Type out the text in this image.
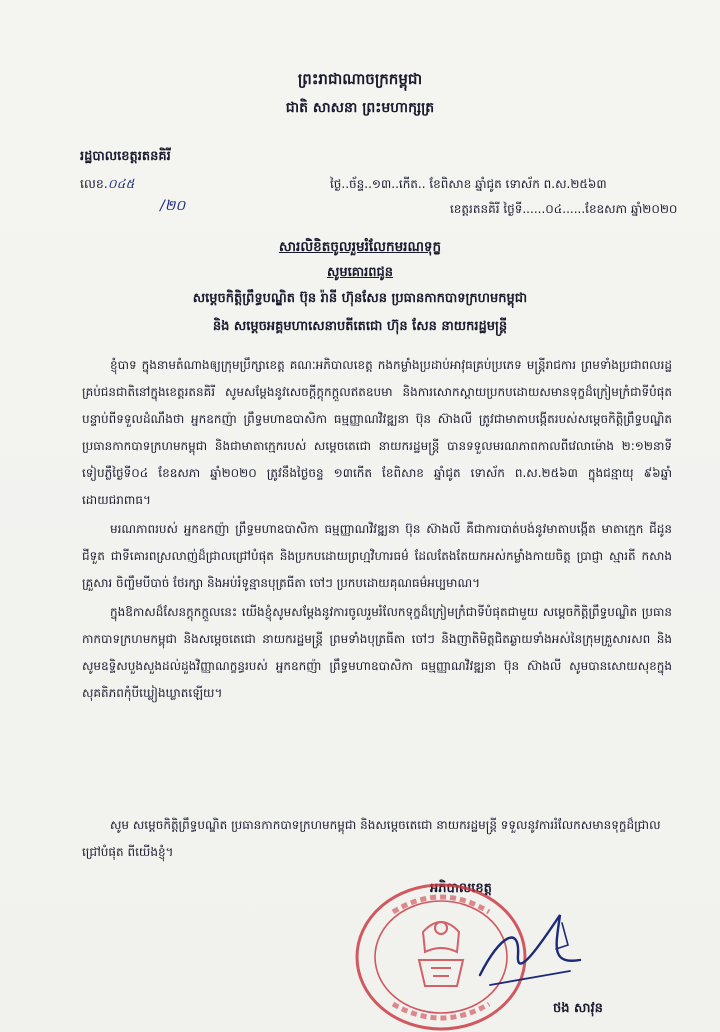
ព្រះរាជាណាចក្រកម្ពុជា
ជាតិ សាសនា ព្រះមហាក្សត្រ
រដ្ឋបាលខេត្តរតនគិរី
លេខ.០៤៥
/២០
ថ្ងៃ..ច័ន្ទ..១៣..កើត.. ខែពិសាខ ឆ្នាំជូត ទោស័ក ព.ស.២៥៦៣
ខេត្តរតនគិរី ថ្ងៃទី......០៤......ខែឧសភា ឆ្នាំ២០២០
សារលិខិតចូលរួមរំលែកមរណទុក្ខ
សូមគោរពជូន
សម្តេចកិត្តិព្រឹទ្ធបណ្ឌិត ប៊ុន រ៉ានី ហ៊ុនសែន ប្រធានកាកបាទក្រហមកម្ពុជា
និង សម្តេចអគ្គមហាសេនាបតីតេជោ ហ៊ុន សែន នាយករដ្ឋមន្ត្រី

ខ្ញុំបាទ ក្នុងនាមតំណាងឲ្យក្រុមប្រឹក្សាខេត្ត គណៈអភិបាលខេត្ត កងកម្លាំងប្រដាប់អាវុធគ្រប់ប្រភេទ មន្ត្រីរាជការ ព្រមទាំងប្រជាពលរដ្ឋគ្រប់ជនជាតិនៅក្នុងខេត្តរតនគិរី សូមសម្តែងនូវសេចក្តីក្តុកក្តួលឥតឧបមា និងការសោកស្តាយប្រកបដោយសមានទុក្ខដ៏ក្រៀមក្រំជាទីបំផុត បន្ទាប់ពីទទួលដំណឹងថា អ្នកឧកញ៉ា ព្រឹទ្ធមហាឧបាសិកា ធម្មញ្ញាណវិវឌ្ឍនា ប៊ុន ស៊ាងលី ត្រូវជាមាតាបង្កើតរបស់សម្តេចកិត្តិព្រឹទ្ធបណ្ឌិត ប្រធានកាកបាទក្រហមកម្ពុជា និងជាមាតាក្មេករបស់ សម្តេចតេជោ នាយករដ្ឋមន្ត្រី បានទទួលមរណភាពកាលពីវេលាម៉ោង ២:១២នាទី ទៀបភ្លឺថ្ងៃទី០៤ ខែឧសភា ឆ្នាំ២០២០ ត្រូវនឹងថ្ងៃចន្ទ ១៣កើត ខែពិសាខ ឆ្នាំជូត ទោស័ក ព.ស.២៥៦៣ ក្នុងជន្មាយុ ៩៦ឆ្នាំ ដោយជរាពាធ។

មរណភាពរបស់ អ្នកឧកញ៉ា ព្រឹទ្ធមហាឧបាសិកា ធម្មញ្ញាណវិវឌ្ឍនា ប៊ុន ស៊ាងលី គឺជាការបាត់បង់នូវមាតាបង្កើត មាតាក្មេក ជីដូន ជីទួត ជាទីគោរពស្រលាញ់ដ៏ជ្រាលជ្រៅបំផុត និងប្រកបដោយព្រហ្មវិហារធម៌ ដែលតែងតែយកអស់កម្លាំងកាយចិត្ត ប្រាជ្ញា ស្មារតី កសាងគ្រួសារ ចិញ្ចឹមបីបាច់ ថែរក្សា និងអប់រំទូន្មានបុត្រធីតា ចៅៗ ប្រកបដោយគុណធម៌អប្បមាណ។

ក្នុងឱកាសដ៏សែនក្តុកក្តួលនេះ យើងខ្ញុំសូមសម្តែងនូវការចូលរួមរំលែកទុក្ខដ៏ក្រៀមក្រំជាទីបំផុតជាមួយ សម្តេចកិត្តិព្រឹទ្ធបណ្ឌិត ប្រធានកាកបាទក្រហមកម្ពុជា និងសម្តេចតេជោ នាយករដ្ឋមន្ត្រី ព្រមទាំងបុត្រធីតា ចៅៗ និងញាតិមិត្តជិតឆ្ងាយទាំងអស់នៃក្រុមគ្រួសារសព និងសូមឧទ្ទិសបួងសួងដល់ដួងវិញ្ញាណក្ខន្ធរបស់ អ្នកឧកញ៉ា ព្រឹទ្ធមហាឧបាសិកា ធម្មញ្ញាណវិវឌ្ឍនា ប៊ុន ស៊ាងលី សូមបានសោយសុខក្នុងសុគតិភពកុំបីឃ្លៀងឃ្លាតឡើយ។

សូម សម្តេចកិត្តិព្រឹទ្ធបណ្ឌិត ប្រធានកាកបាទក្រហមកម្ពុជា និងសម្តេចតេជោ នាយករដ្ឋមន្ត្រី ទទួលនូវការរំលែកសមានទុក្ខដ៏ជ្រាលជ្រៅបំផុត ពីយើងខ្ញុំ។
អភិបាលខេត្ត
ថង សាវុន
